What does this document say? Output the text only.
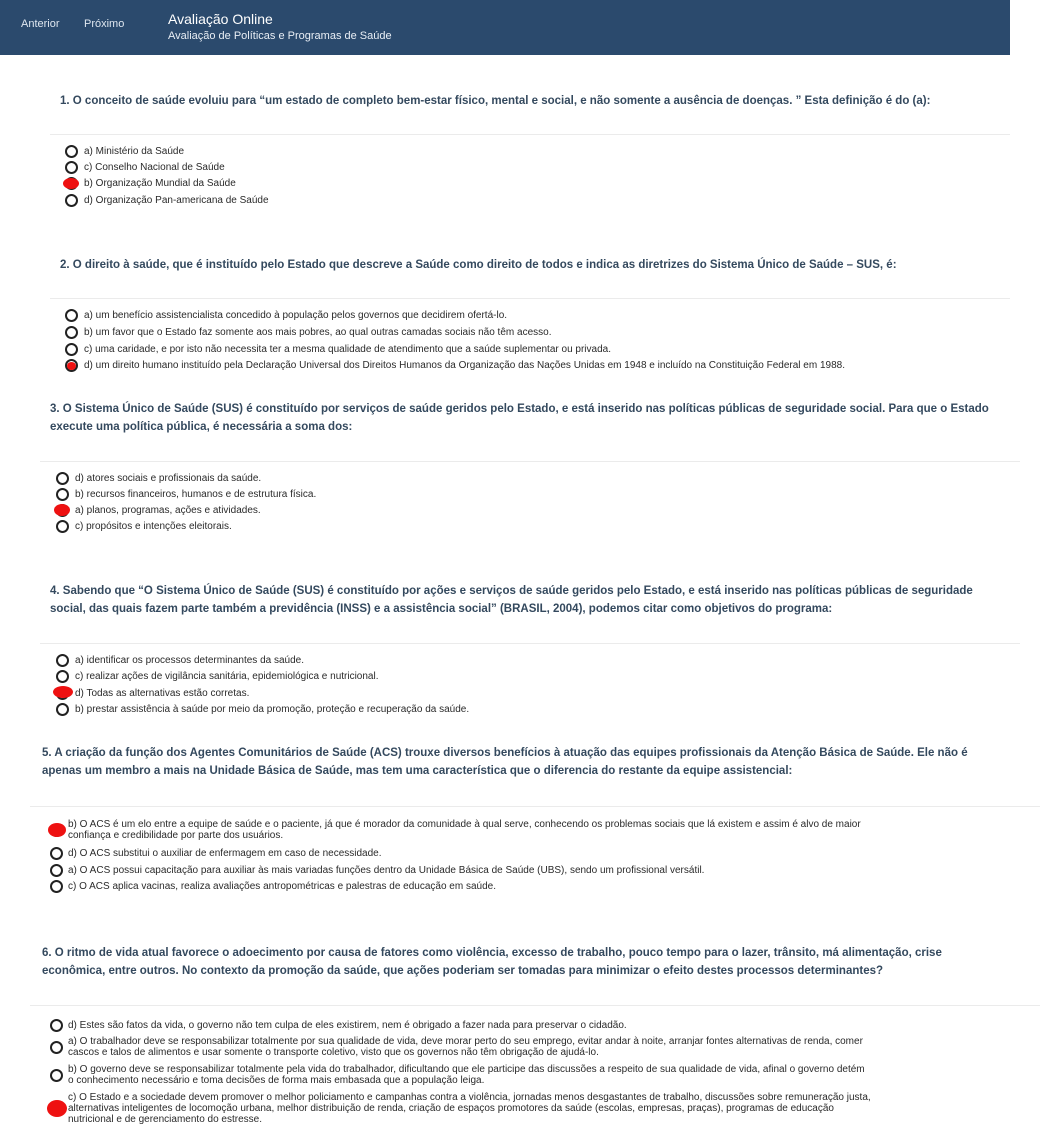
Anterior Próximo	Avaliação Online
Avaliação de Políticas e Programas de Saúde
1. O conceito de saúde evoluiu para “um estado de completo bem-estar físico, mental e social, e não somente a ausência de doenças. ” Esta definição é do (a):
a) Ministério da Saúde
c) Conselho Nacional de Saúde
b) Organização Mundial da Saúde
d) Organização Pan-americana de Saúde
2. O direito à saúde, que é instituído pelo Estado que descreve a Saúde como direito de todos e indica as diretrizes do Sistema Único de Saúde – SUS, é:
a) um benefício assistencialista concedido à população pelos governos que decidirem ofertá-lo.
b) um favor que o Estado faz somente aos mais pobres, ao qual outras camadas sociais não têm acesso.
c) uma caridade, e por isto não necessita ter a mesma qualidade de atendimento que a saúde suplementar ou privada.
d) um direito humano instituído pela Declaração Universal dos Direitos Humanos da Organização das Nações Unidas em 1948 e incluído na Constituição Federal em 1988.
3. O Sistema Único de Saúde (SUS) é constituído por serviços de saúde geridos pelo Estado, e está inserido nas políticas públicas de seguridade social. Para que o Estado
execute uma política pública, é necessária a soma dos:
d) atores sociais e profissionais da saúde.
b) recursos financeiros, humanos e de estrutura física.
a) planos, programas, ações e atividades.
c) propósitos e intenções eleitorais.
4. Sabendo que “O Sistema Único de Saúde (SUS) é constituído por ações e serviços de saúde geridos pelo Estado, e está inserido nas políticas públicas de seguridade
social, das quais fazem parte também a previdência (INSS) e a assistência social” (BRASIL, 2004), podemos citar como objetivos do programa:
a) identificar os processos determinantes da saúde.
c) realizar ações de vigilância sanitária, epidemiológica e nutricional.
d) Todas as alternativas estão corretas.
b) prestar assistência à saúde por meio da promoção, proteção e recuperação da saúde.
5. A criação da função dos Agentes Comunitários de Saúde (ACS) trouxe diversos benefícios à atuação das equipes profissionais da Atenção Básica de Saúde. Ele não é
apenas um membro a mais na Unidade Básica de Saúde, mas tem uma característica que o diferencia do restante da equipe assistencial:
b) O ACS é um elo entre a equipe de saúde e o paciente, já que é morador da comunidade à qual serve, conhecendo os problemas sociais que lá existem e assim é alvo de maior
confiança e credibilidade por parte dos usuários.
d) O ACS substitui o auxiliar de enfermagem em caso de necessidade.
a) O ACS possui capacitação para auxiliar às mais variadas funções dentro da Unidade Básica de Saúde (UBS), sendo um profissional versátil.
c) O ACS aplica vacinas, realiza avaliações antropométricas e palestras de educação em saúde.
6. O ritmo de vida atual favorece o adoecimento por causa de fatores como violência, excesso de trabalho, pouco tempo para o lazer, trânsito, má alimentação, crise
econômica, entre outros. No contexto da promoção da saúde, que ações poderiam ser tomadas para minimizar o efeito destes processos determinantes?
d) Estes são fatos da vida, o governo não tem culpa de eles existirem, nem é obrigado a fazer nada para preservar o cidadão.
a) O trabalhador deve se responsabilizar totalmente por sua qualidade de vida, deve morar perto do seu emprego, evitar andar à noite, arranjar fontes alternativas de renda, comer
cascos e talos de alimentos e usar somente o transporte coletivo, visto que os governos não têm obrigação de ajudá-lo.
b) O governo deve se responsabilizar totalmente pela vida do trabalhador, dificultando que ele participe das discussões a respeito de sua qualidade de vida, afinal o governo detém
o conhecimento necessário e toma decisões de forma mais embasada que a população leiga.
c) O Estado e a sociedade devem promover o melhor policiamento e campanhas contra a violência, jornadas menos desgastantes de trabalho, discussões sobre remuneração justa,
alternativas inteligentes de locomoção urbana, melhor distribuição de renda, criação de espaços promotores da saúde (escolas, empresas, praças), programas de educação
nutricional e de gerenciamento do estresse.
